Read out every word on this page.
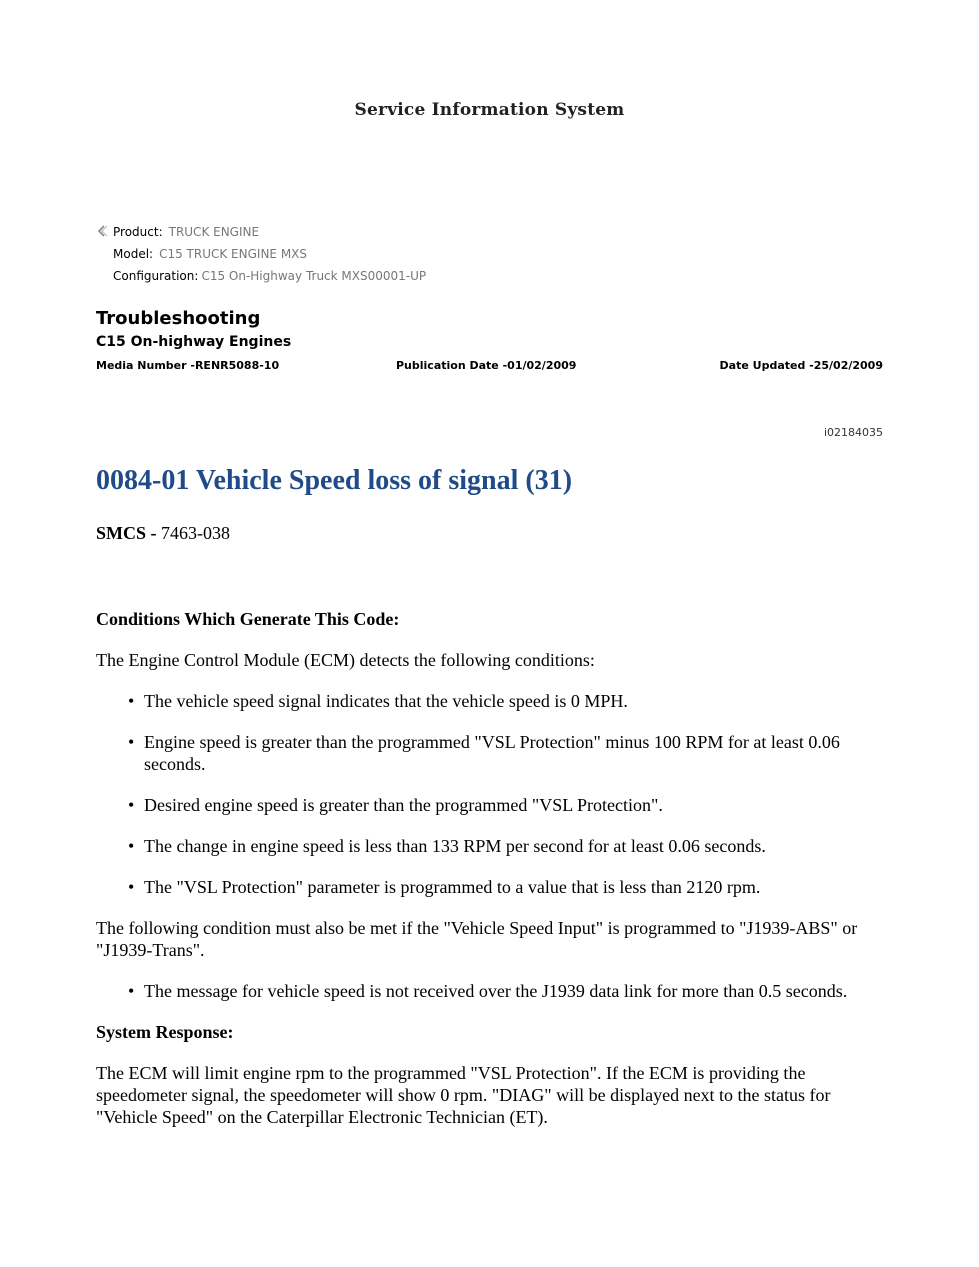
Service Information System
Product: TRUCK ENGINE
Model: C15 TRUCK ENGINE MXS
Configuration: C15 On-Highway Truck MXS00001-UP
Troubleshooting
C15 On-highway Engines
Media Number -RENR5088-10	Publication Date -01/02/2009	Date Updated -25/02/2009
i02184035
0084-01 Vehicle Speed loss of signal (31)
SMCS - 7463-038

Conditions Which Generate This Code:

The Engine Control Module (ECM) detects the following conditions:

• The vehicle speed signal indicates that the vehicle speed is 0 MPH.
• Engine speed is greater than the programmed "VSL Protection" minus 100 RPM for at least 0.06 seconds.
• Desired engine speed is greater than the programmed "VSL Protection".
• The change in engine speed is less than 133 RPM per second for at least 0.06 seconds.
• The "VSL Protection" parameter is programmed to a value that is less than 2120 rpm.

The following condition must also be met if the "Vehicle Speed Input" is programmed to "J1939-ABS" or "J1939-Trans".

• The message for vehicle speed is not received over the J1939 data link for more than 0.5 seconds.

System Response:

The ECM will limit engine rpm to the programmed "VSL Protection". If the ECM is providing the speedometer signal, the speedometer will show 0 rpm. "DIAG" will be displayed next to the status for "Vehicle Speed" on the Caterpillar Electronic Technician (ET).
